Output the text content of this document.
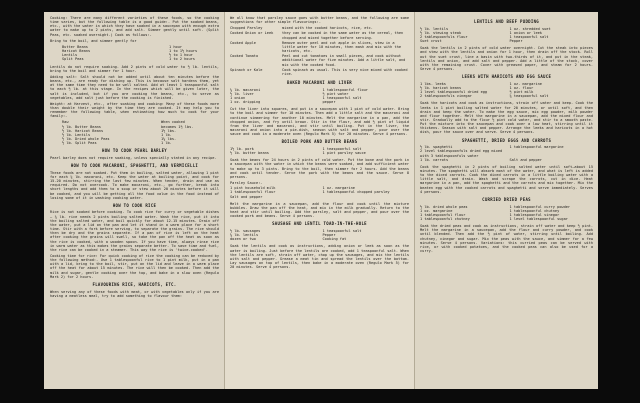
Cooking: There are many different varieties of these foods, so the cooking time varies, but the following table is a good guide:- Put the soaked beans, etc., with the water in which they have soaked in a saucepan with enough extra water to make up to 2 pints, and add salt. Simmer gently until soft. (Split Peas, etc. soaked overnight.) Cook as follows:-

Bring to the boil, and simmer gently for

Butter Beans	1 hour
Haricot Beans	1 to 1½ hours
Lentils	½ to 1 hour
Split Peas	1 to 2 hours

Lentils do not require soaking. Add 2 pints of cold water to ½ lb. lentils, bring to the boil and simmer for 1 hour.

Adding salt: Salt should not be added until about ten minutes before the beans, etc., are ready for dishing up. This is because salt hardens them, yet at the same time they need to be well salted. Add at least 1 teaspoonful salt to each ½ lb. at this stage. In the recipes which will be given later, the salt is included, but if you are cooking the beans, etc., to serve as vegetables, add salt just before the cooking is finished.

Weight: at Harvest, etc., after soaking and cooking: Many of these foods more than double their weight by the time they are cooked. It may help you to remember the following table, when estimating how much to cook for your family:-

Raw	When cooked
½ lb. Butter Beans	becomes 1½ lbs.
½ lb. Haricot Beans	1½ lbs.
½ lb. Lentils	1 lb.
½ lb. Dried whole Peas	1¼ lbs.
½ lb. Split Peas	1 lb.
HOW TO COOK PEARL BARLEY

Pearl barley does not require soaking, unless specially stated in any recipe.

HOW TO COOK MACARONI, SPAGHETTI, AND VERMICELLI

These foods are not soaked. Put them in boiling, salted water, allowing 1 pint for each ¼ lb. macaroni, etc. Keep the water at boiling point, and cook for 15-20 minutes, stirring the last few minutes. When tender, drain and use as required. Do not overcook. To make macaroni, etc., go further, break into short lengths and add them to a soup or stew about 20 minutes before it will be cooked, and you will be getting all the food value in the food instead of losing some of it in washing cooking water.

HOW TO COOK RICE

Rice is not soaked before cooking. To cook rice for curry or vegetable dishes — ¼ lb. rice needs 2 pints boiling salted water. Wash the rice, put it into the boiling salted water, and boil quickly for about 12-15 minutes. Drain off the water, put a lid on the pan and let it stand in a warm place for a short time. Stir with a fork before serving, to separate the grains. The rice should then be dry and the grains separate. If a pan of rice is left on the heat after cooking the grains will swell, so take the pan off the heat as soon as the rice is cooked, with a wooden spoon. If you have time, always rinse rice in warm water as this makes the grains separate better. To save time and fuel, the rice can be cooked in a steamer. This way the rice is 'twice-cooked'.

Cooking time for rice: For quick cooking of rice the cooking can be reduced by the following method:- Use 1 tablespoonful rice to 1 pint milk, put in a pan with a lid, bring to the boil, stir, put on the lid and leave in a warm place off the heat for about 15 minutes. The rice will then be cooked. Then add the milk and sugar, gentle cooking over the top, and bake in a slow oven (Regulo Mark 2) for 2 hours.

FLAVOURING RICE, HARICOTS, ETC.

When serving any of these foods with meat, or with vegetables only if you are having a meatless meal, try to add something to flavour them:

We all know that parsley sauce goes with butter beans, and the following are some suggestions for other simple flavourings:-

Chopped Parsley	mixed with the cooked haricots, rice, etc.
Cooked Onion or Leek	they can be cooked in the same water as the cereal, then chopped and mixed together before serving.
Cooked Apple	Remove outer peel and cut apple in slices, stew in a little water for 10 minutes, then mash and mix with the haricots, etc.
Cooked Tomato	Peel and cut tomatoes in small pieces, and cook without additional water for five minutes. Add a little salt, and mix with the cooked food.
Spinach or Kale	Cook spinach as usual. This is very nice mixed with cooked rice.
BAKED MACARONI AND LIVER
¼ lb. macaroni	1 tablespoonful flour
½ lb. liver	½ pint water
1 onion	1 teaspoonful salt
1 oz. dripping	pepper

Cut the liver into squares, and put in a saucepan with 1 pint of cold water. Bring to the boil and simmer for 10 minutes. Then add a little salt and the macaroni and continue simmering for another 10 minutes. Melt the margarine in a pan, add the chopped onion, and fry until brown. Stir in the flour, and add ½ pint of liquid from the liver and macaroni, and stir until boiling. Put in the liver, the macaroni and onion into a pie-dish, season with salt and pepper, pour over the sauce and cook in a moderate oven (Regulo Mark 5) for 20 minutes. Serve 4 persons.

BOILED PORK AND BUTTER BEANS
1½ lb. pork	1 teaspoonful salt
½ lb. butter beans	1 pint parsley sauce

Soak the beans for 24 hours in 2 pints of cold water. Put the bone and the pork in a saucepan with the water in which the beans were soaked, and add sufficient water to make up to 3 pints. Bring to the boil, then simmer for 2 hours. Add the beans and cook until tender. Serve the pork with the beans and the sauce. Serve 8 persons.

Parsley Sauce:-

1 pint household milk	1 oz. margarine
1 tablespoonful flour	1 tablespoonful chopped parsley
Salt and pepper

Melt the margarine in a saucepan, add the flour and cook until the mixture bubbles. Draw the pan off the heat, and mix in the milk gradually. Return to the heat and stir until boiling. Add the parsley, salt and pepper, and pour over the cooked pork and beans. Serve 4 persons.

SAUSAGE AND LENTIL TOAD-IN-THE-HOLE
½ lb. sausages	1 teaspoonful salt
¼ lb. lentils	Pepper
dozen or two	Cooking fat

Soak the lentils and cook as instructions, adding onion or leek as soon as the water is boiling. Just before the lentils are cooked, add 1 teaspoonful salt. When the lentils are soft, strain off water, chop up the sausages, and mix the lentils with salt and pepper. Grease a meat tin and spread the lentils over the bottom. Lay sausages on top of lentils, then bake in a moderate oven (Regulo Mark 5) for 20 minutes. Serve 4 persons.

LENTILS AND BEEF PUDDING
½ lb. lentils	1 oz. shredded suet
½ lb. stewing steak	1 onion or leek
2 tablespoonfuls flour	1 teaspoonful salt
Suet crust	Pepper

Soak the lentils in 2 pints of cold water overnight. Cut the steak into pieces and stew with the lentils and onion for 1 hour, then drain off the stock. Roll out the suet crust, line a basin with two-thirds of it, and put in the steak, lentils and onion, and add salt and pepper. Add a little of the stock, cover with the remaining crust. Cover with greased paper, and steam for 2 hours. Serve 4 persons.

LEEKS WITH HARICOTS AND EGG SAUCE
1 lbs. leeks	1 oz. margarine
½ lb. haricot beans	1 oz. flour
1 level tablespoonful dried egg	½ pint milk
2 tablespoonfuls vinegar	¼ teaspoonful salt

Soak the haricots and cook as instructions, strain off water and keep. Cook the leeks in 1 pint boiling salted water for 20 minutes, or until soft, and then drain and keep the water. To make the egg sauce, mix egg powder, milk powder and flour together. Melt the margarine in a saucepan, add the mixed flour and stir. Gradually add to the flour ½ pint cold water, and stir to a smooth paste. Put the mixture into the saucepan and cook over a low heat, stirring until it thickens. Season with salt and pepper. Arrange the leeks and haricots in a hot dish, pour the sauce over and serve. Serve 4 persons.

SPAGHETTI, DRIED EGGS AND CARROTS
½ lb. spaghetti	1 tablespoonful margarine
2 level tablespoonfuls dried egg mixed with 3 tablespoonfuls water
1 lb. carrots	Salt and pepper

Cook the spaghetti in 2 pints of boiling salted water until soft—about 15 minutes. The spaghetti will absorb most of the water, and what is left is added to the diced carrots. Cook the diced carrots in a little boiling water with a little salt, and drain. Wash and scrape the carrots, cut in dice. Heat margarine in a pan, add the spaghetti and the carrots and mix together. Mix the beaten egg with the cooked carrots and spaghetti and serve immediately. Serves 4 persons.

CURRIED DRIED PEAS
½ lb. dried whole peas	1 tablespoonful curry powder
1 oz. margarine	1 tablespoonful chutney
1 tablespoonful flour	1 tablespoonful vinegar
1 tablespoonful chutney	1 level tablespoonful sugar

Soak the dried peas and cook as instructions, strain off water and keep ½ pint. Melt the margarine in a saucepan, add the flour and curry powder, and cook until blended. Then add the ½ pint of water, stirring until boiling. Add chutney, vinegar and sugar. Mix the peas with the sauce, and simmer for a few minutes. Serve 4 persons. Variations: this curried peas can be served with rice, or with cooked potatoes, and the cooked peas can also be used for a curry.
